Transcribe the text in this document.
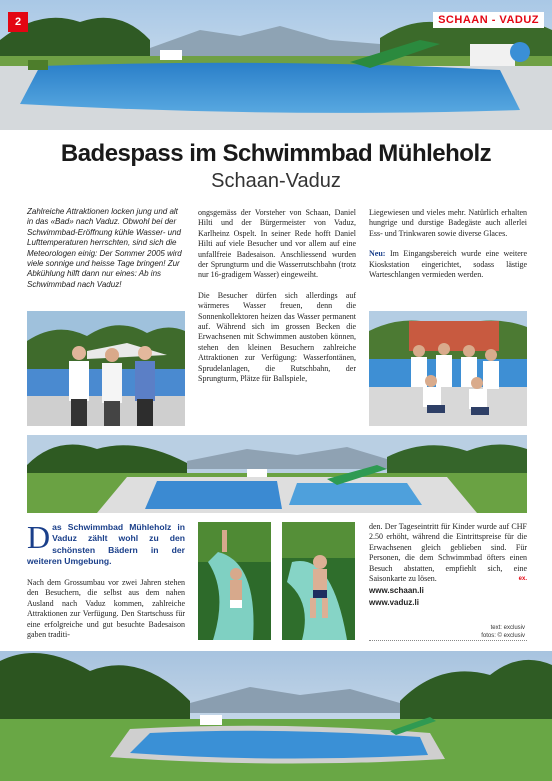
2	SCHAAN - VADUZ
Badespass im Schwimmbad Mühleholz
Schaan-Vaduz
Zahlreiche Attraktionen locken jung und alt in das «Bad» nach Vaduz. Obwohl bei der Schwimmbad-Eröffnung kühle Wasser- und Lufttemperaturen herrschten, sind sich die Meteorologen einig: Der Sommer 2005 wird viele sonnige und heisse Tage bringen! Zur Abkühlung hilft dann nur eines: Ab ins Schwimmbad nach Vaduz!

ongsgemäss der Vorsteher von Schaan, Daniel Hilti und der Bürgermeister von Vaduz, Karlheinz Ospelt. In seiner Rede hofft Daniel Hilti auf viele Besucher und vor allem auf eine unfallfreie Badesaison. Anschliessend wurden der Sprungturm und die Wasserrutschbahn (trotz nur 16-gradigem Wasser) eingeweiht.

Die Besucher dürfen sich allerdings auf wärmeres Wasser freuen, denn die Sonnenkollektoren heizen das Wasser permanent auf. Während sich im grossen Becken die Erwachsenen mit Schwimmen austoben können, stehen den kleinen Besuchern zahlreiche Attraktionen zur Verfügung: Wasserfontänen, Sprudelanlagen, die Rutschbahn, der Sprungturm, Plätze für Ballspiele,

Liegewiesen und vieles mehr. Natürlich erhalten hungrige und durstige Badegäste auch allerlei Ess- und Trinkwaren sowie diverse Glaces.

Neu: Im Eingangsbereich wurde eine weitere Kioskstation eingerichtet, sodass lästige Warteschlangen vermieden werden.

D as Schwimmbad Mühleholz in Vaduz zählt wohl zu den schönsten Bädern in der weiteren Umgebung.
Nach dem Grossumbau vor zwei Jahren stehen den Besuchern, die selbst aus dem nahen Ausland nach Vaduz kommen, zahlreiche Attraktionen zur Verfügung. Den Startschuss für eine erfolgreiche und gut besuchte Badesaison gaben traditi-

den. Der Tageseintritt für Kinder wurde auf CHF 2.50 erhöht, während die Eintrittspreise für die Erwachsenen gleich geblieben sind. Für Personen, die dem Schwimmbad öfters einen Besuch abstatten, empfiehlt sich, eine Saisonkarte zu lösen.	ex.

www.schaan.li
www.vaduz.li
text: exclusiv
fotos: © exclusiv
